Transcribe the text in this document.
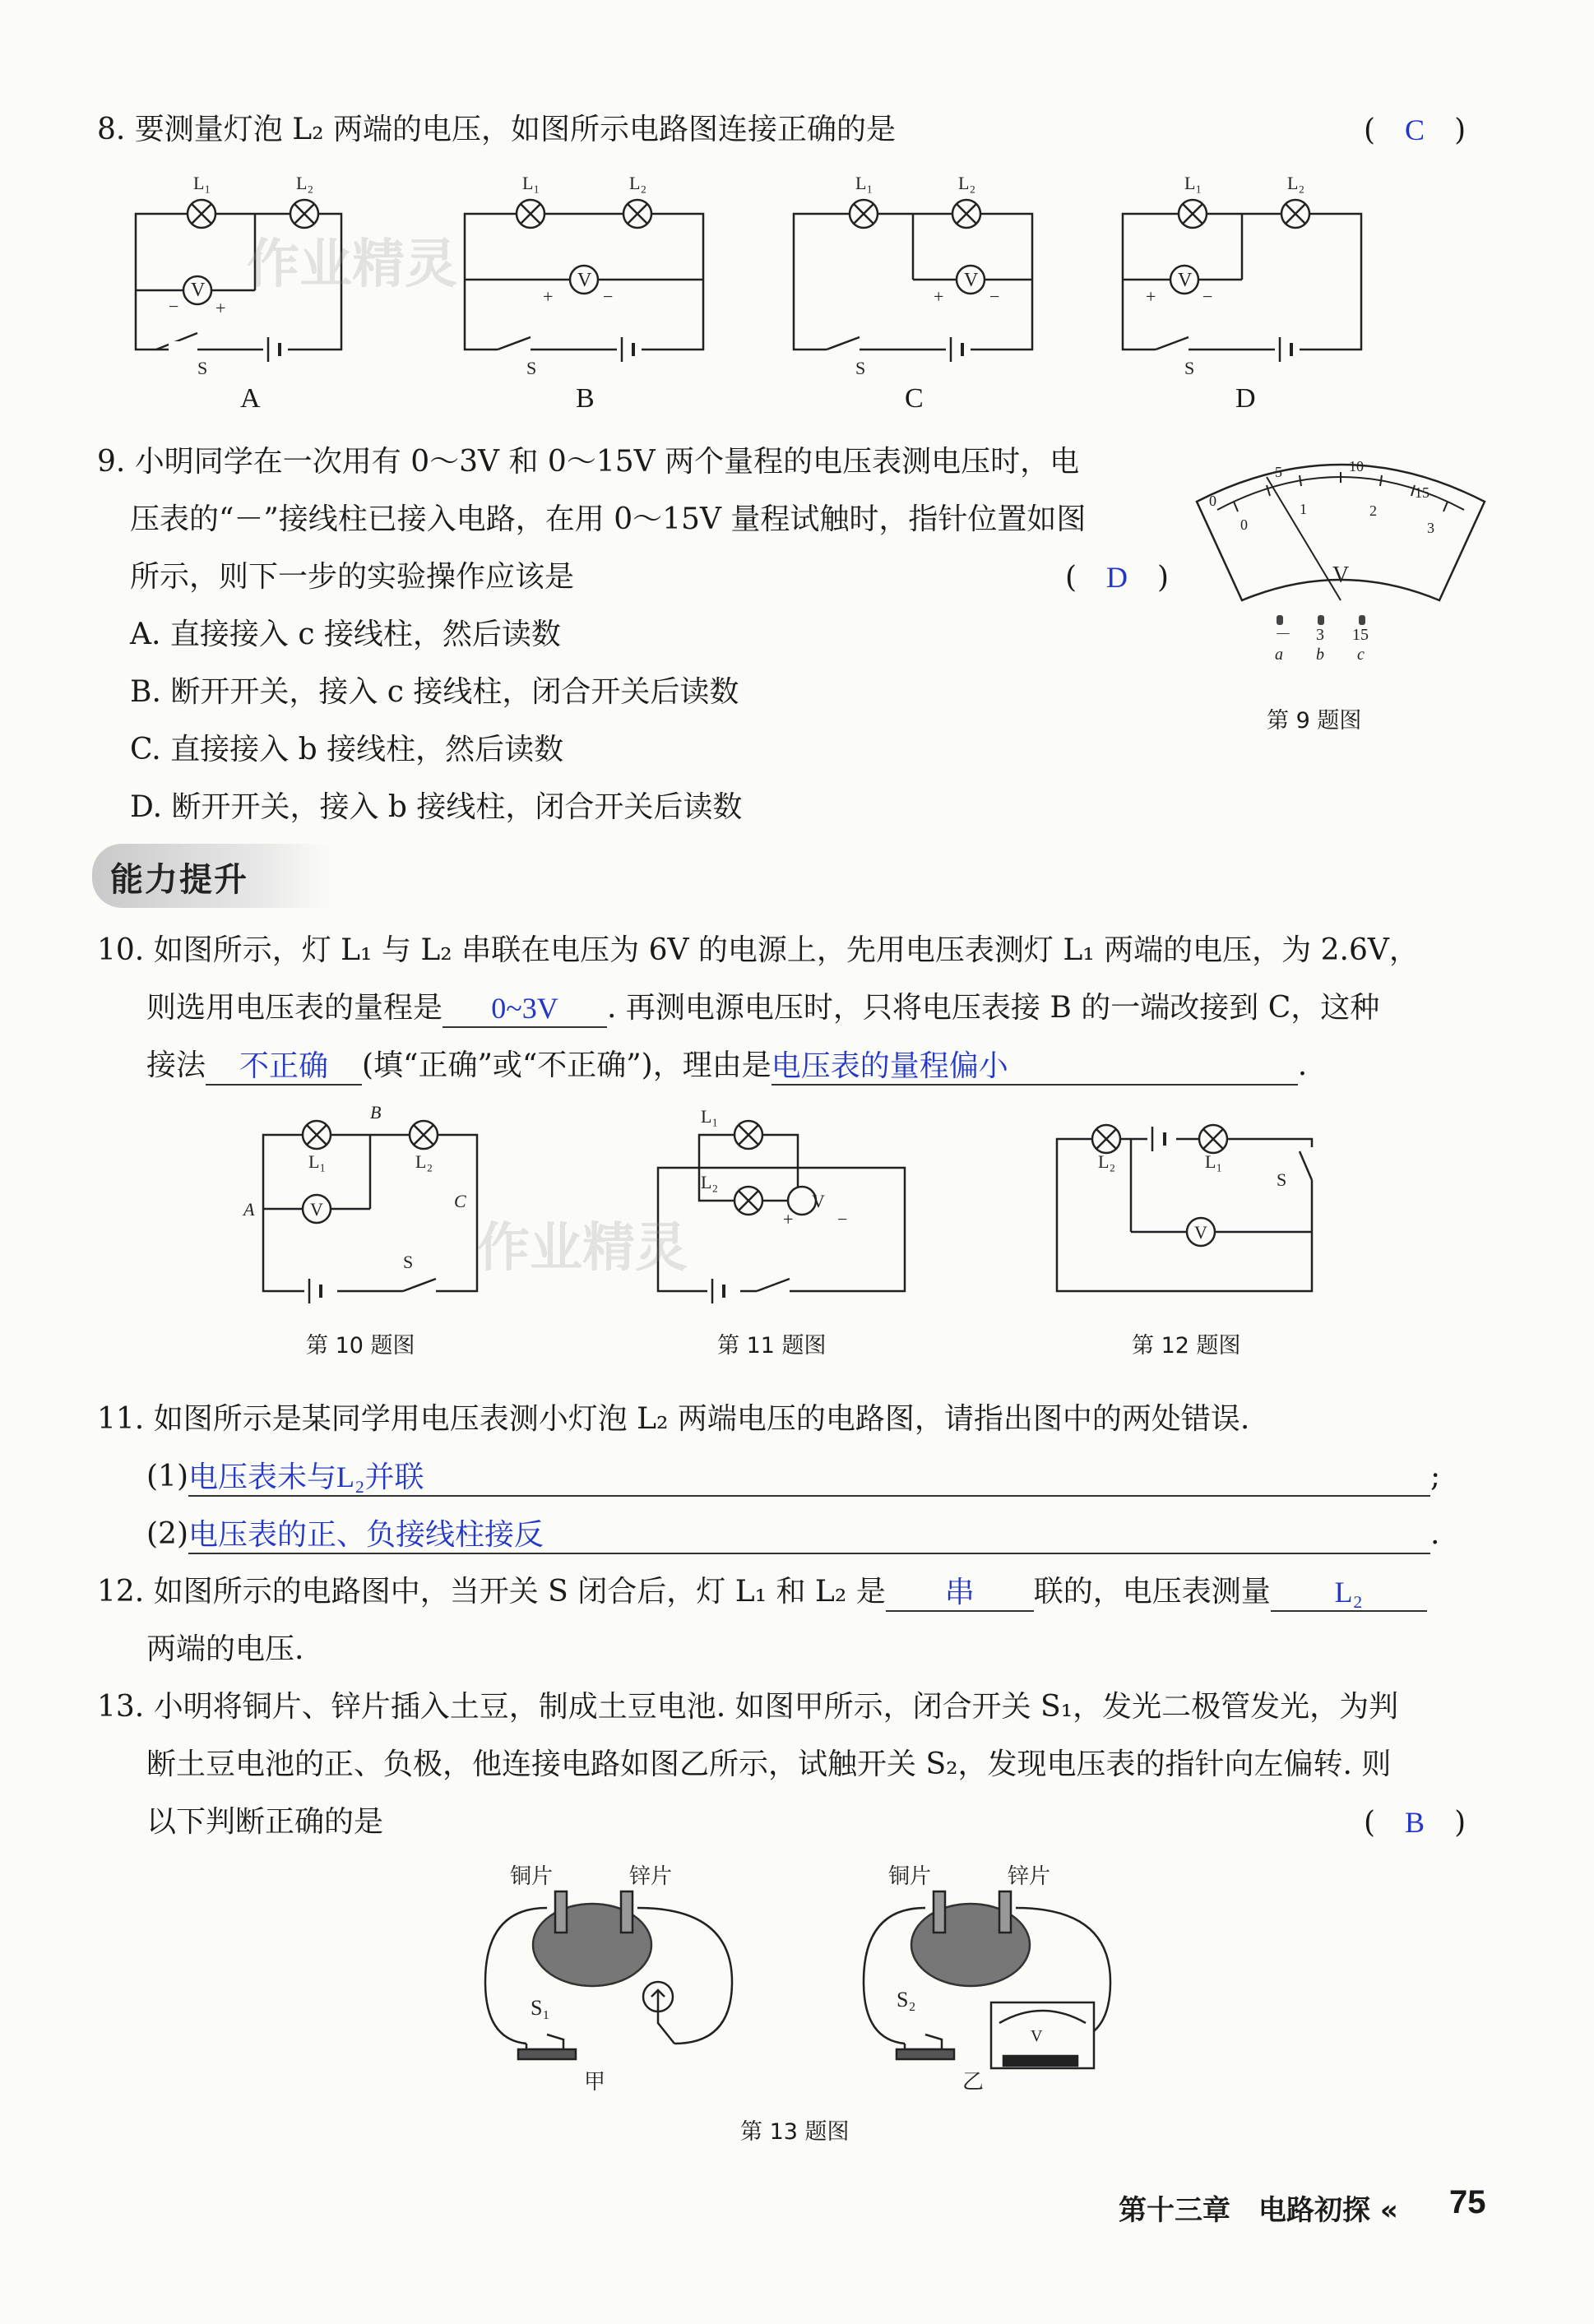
8. 要测量灯泡 L₂ 两端的电压，如图所示电路图连接正确的是	(　C　)
L₁	L₂
V
− +
S
L₁	L₂
V
+	−
S
L₁	L₂
V
+	−
S
L₁	L₂
V
+	−
S
A	B	C	D
作业精灵
9. 小明同学在一次用有 0～3V 和 0～15V 两个量程的电压表测电压时，电
压表的“－”接线柱已接入电路，在用 0～15V 量程试触时，指针位置如图
所示，则下一步的实验操作应该是	(　D　)
A. 直接接入 c 接线柱，然后读数
B. 断开开关，接入 c 接线柱，闭合开关后读数
C. 直接接入 b 接线柱，然后读数
D. 断开开关，接入 b 接线柱，闭合开关后读数
0
5	10
15
0
1	2
3
V
－ 3 15
a b c
第 9 题图
能力提升
10. 如图所示，灯 L₁ 与 L₂ 串联在电压为 6V 的电源上，先用电压表测灯 L₁ 两端的电压，为 2.6V，
则选用电压表的量程是 0~3V . 再测电源电压时，只将电压表接 B 的一端改接到 C，这种
接法 不正确 (填“正确”或“不正确”)，理由是电压表的量程偏小	.
B
L₁	L₂
A	C
V
S
L₁
L₂
V
+ −
L₂	L₁
S
V
作业精灵
第 10 题图	第 11 题图	第 12 题图
11. 如图所示是某同学用电压表测小灯泡 L₂ 两端电压的电路图，请指出图中的两处错误.
(1)电压表未与L₂并联	;
(2)电压表的正、负接线柱接反	.
12. 如图所示的电路图中，当开关 S 闭合后，灯 L₁ 和 L₂ 是 串 联的，电压表测量 L₂
两端的电压.
13. 小明将铜片、锌片插入土豆，制成土豆电池. 如图甲所示，闭合开关 S₁，发光二极管发光，为判
断土豆电池的正、负极，他连接电路如图乙所示，试触开关 S₂，发现电压表的指针向左偏转. 则
以下判断正确的是	(　B　)
铜片	锌片
S₁
甲
铜片	锌片
S₂
乙
V
第 13 题图
第十三章　电路初探 « 75
